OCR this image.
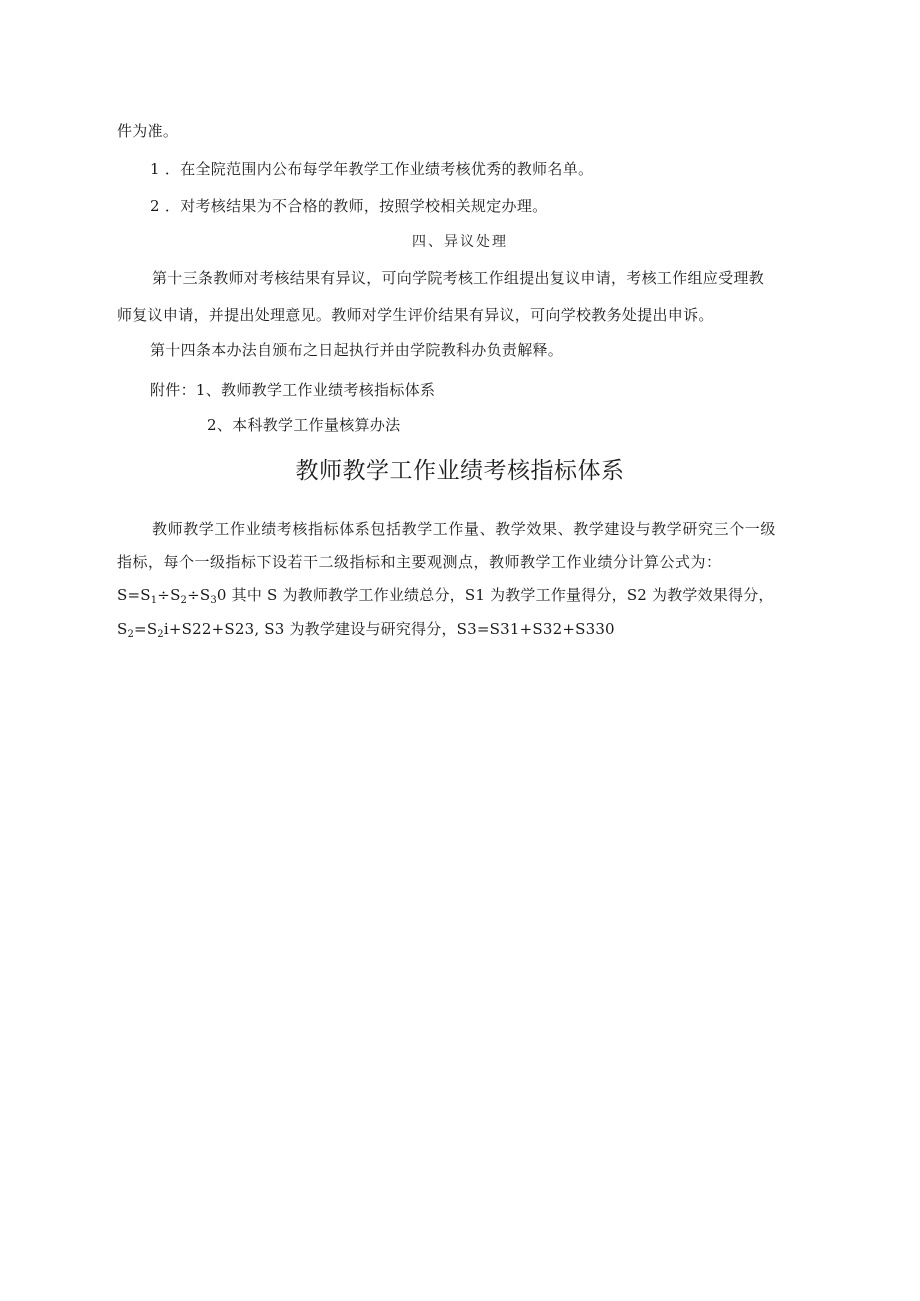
件为准。
1 ．在全院范围内公布每学年教学工作业绩考核优秀的教师名单。
2 ．对考核结果为不合格的教师，按照学校相关规定办理。
四、异议处理
第十三条教师对考核结果有异议，可向学院考核工作组提出复议申请，考核工作组应受理教
师复议申请，并提出处理意见。教师对学生评价结果有异议，可向学校教务处提出申诉。
第十四条本办法自颁布之日起执行并由学院教科办负责解释。
附件：1、教师教学工作业绩考核指标体系
2、本科教学工作量核算办法
教师教学工作业绩考核指标体系
教师教学工作业绩考核指标体系包括教学工作量、教学效果、教学建设与教学研究三个一级
指标，每个一级指标下设若干二级指标和主要观测点，教师教学工作业绩分计算公式为：
$S=S_1\div S_2\div S_30$ 其中 S 为教师教学工作业绩总分，S1 为教学工作量得分，S2 为教学效果得分，
$S_2=S_2i+S22+S23$, S3 为教学建设与研究得分，S3=S31+S32+S330
